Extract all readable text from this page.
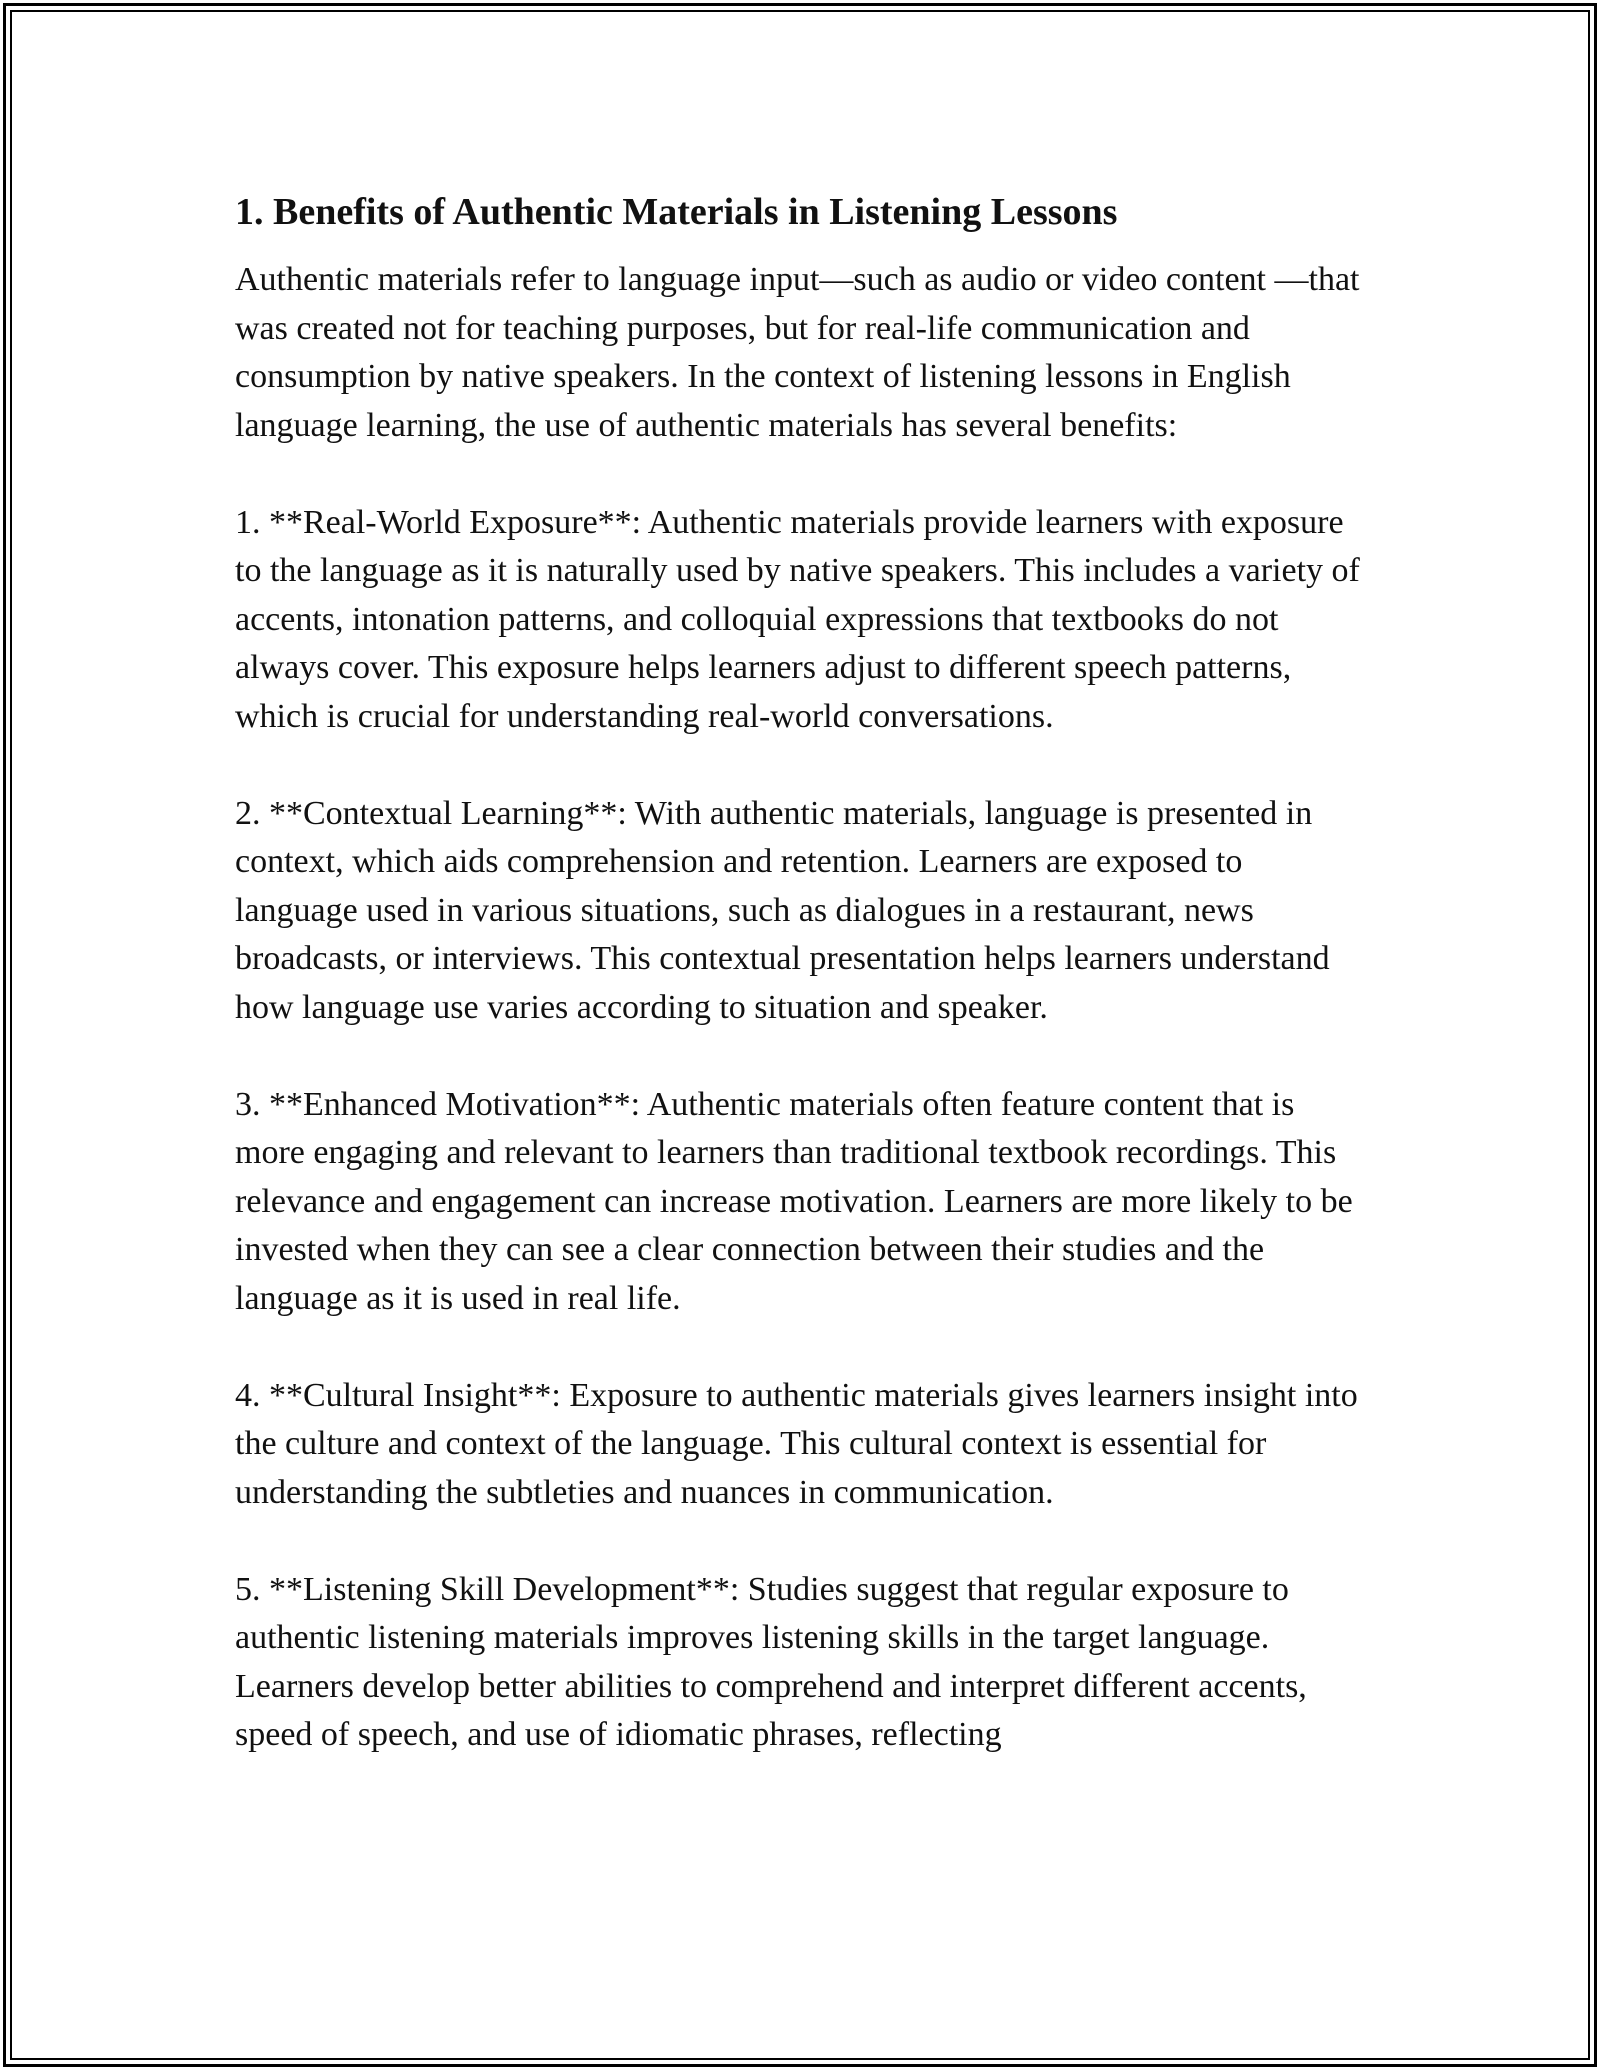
1. Benefits of Authentic Materials in Listening Lessons

Authentic materials refer to language input—such as audio or video content —that was created not for teaching purposes, but for real-life communication and consumption by native speakers. In the context of listening lessons in English language learning, the use of authentic materials has several benefits:

1. **Real-World Exposure**: Authentic materials provide learners with exposure to the language as it is naturally used by native speakers. This includes a variety of accents, intonation patterns, and colloquial expressions that textbooks do not always cover. This exposure helps learners adjust to different speech patterns, which is crucial for understanding real-world conversations.

2. **Contextual Learning**: With authentic materials, language is presented in context, which aids comprehension and retention. Learners are exposed to language used in various situations, such as dialogues in a restaurant, news broadcasts, or interviews. This contextual presentation helps learners understand how language use varies according to situation and speaker.

3. **Enhanced Motivation**: Authentic materials often feature content that is more engaging and relevant to learners than traditional textbook recordings. This relevance and engagement can increase motivation. Learners are more likely to be invested when they can see a clear connection between their studies and the language as it is used in real life.

4. **Cultural Insight**: Exposure to authentic materials gives learners insight into the culture and context of the language. This cultural context is essential for understanding the subtleties and nuances in communication.

5. **Listening Skill Development**: Studies suggest that regular exposure to authentic listening materials improves listening skills in the target language. Learners develop better abilities to comprehend and interpret different accents, speed of speech, and use of idiomatic phrases, reflecting
